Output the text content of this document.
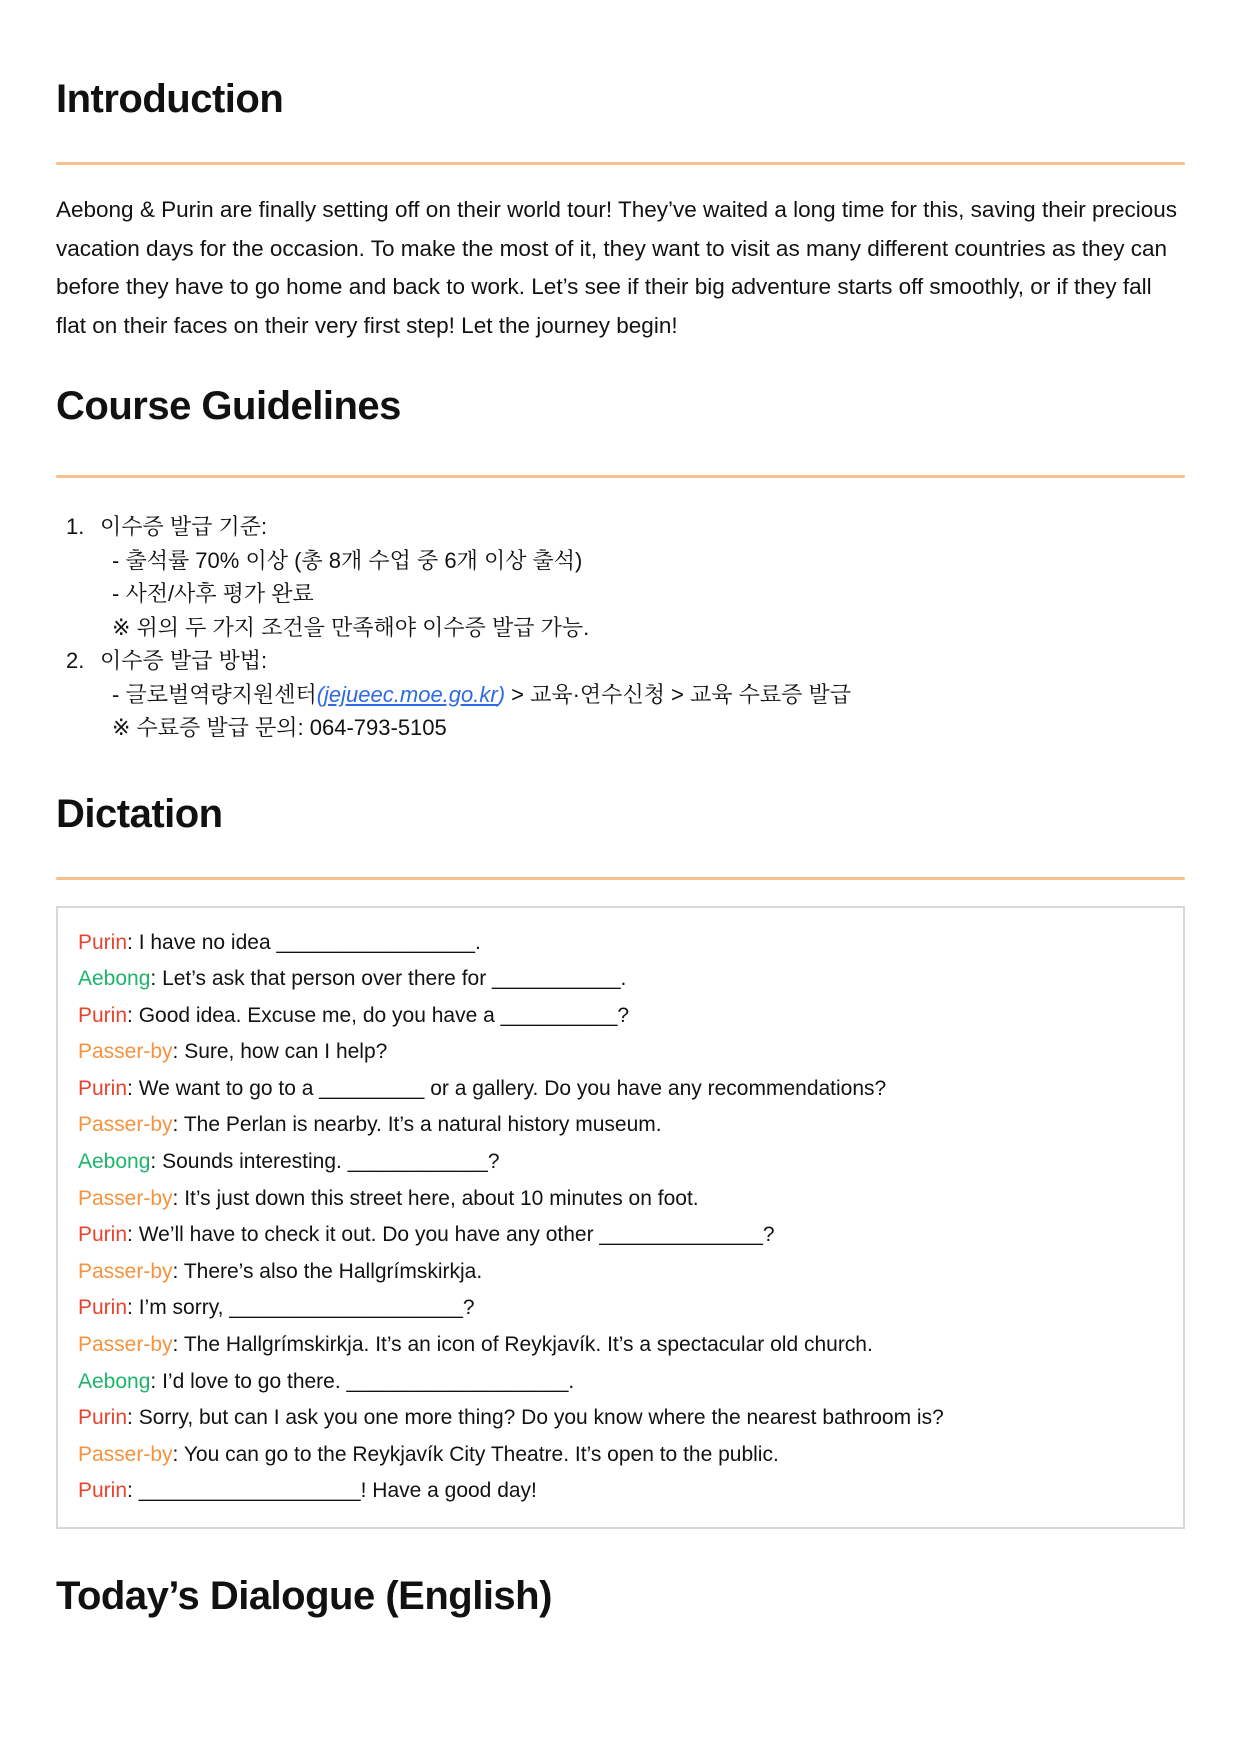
Introduction

Aebong & Purin are finally setting off on their world tour! They’ve waited a long time for this, saving their precious vacation days for the occasion. To make the most of it, they want to visit as many different countries as they can before they have to go home and back to work. Let’s see if their big adventure starts off smoothly, or if they fall flat on their faces on their very first step! Let the journey begin!

Course Guidelines
1. 이수증 발급 기준:
- 출석률 70% 이상 (총 8개 수업 중 6개 이상 출석)
- 사전/사후 평가 완료
※ 위의 두 가지 조건을 만족해야 이수증 발급 가능.
2. 이수증 발급 방법:
- 글로벌역량지원센터(jejueec.moe.go.kr) > 교육·연수신청 > 교육 수료증 발급
※ 수료증 발급 문의: 064-793-5105
Dictation
Purin: I have no idea _________________.
Aebong: Let’s ask that person over there for ___________.
Purin: Good idea. Excuse me, do you have a __________?
Passer-by: Sure, how can I help?
Purin: We want to go to a _________ or a gallery. Do you have any recommendations?
Passer-by: The Perlan is nearby. It’s a natural history museum.
Aebong: Sounds interesting. ____________?
Passer-by: It’s just down this street here, about 10 minutes on foot.
Purin: We’ll have to check it out. Do you have any other ______________?
Passer-by: There’s also the Hallgrímskirkja.
Purin: I’m sorry, ____________________?
Passer-by: The Hallgrímskirkja. It’s an icon of Reykjavík. It’s a spectacular old church.
Aebong: I’d love to go there. ___________________.
Purin: Sorry, but can I ask you one more thing? Do you know where the nearest bathroom is?
Passer-by: You can go to the Reykjavík City Theatre. It’s open to the public.
Purin: ___________________! Have a good day!
Today’s Dialogue (English)
